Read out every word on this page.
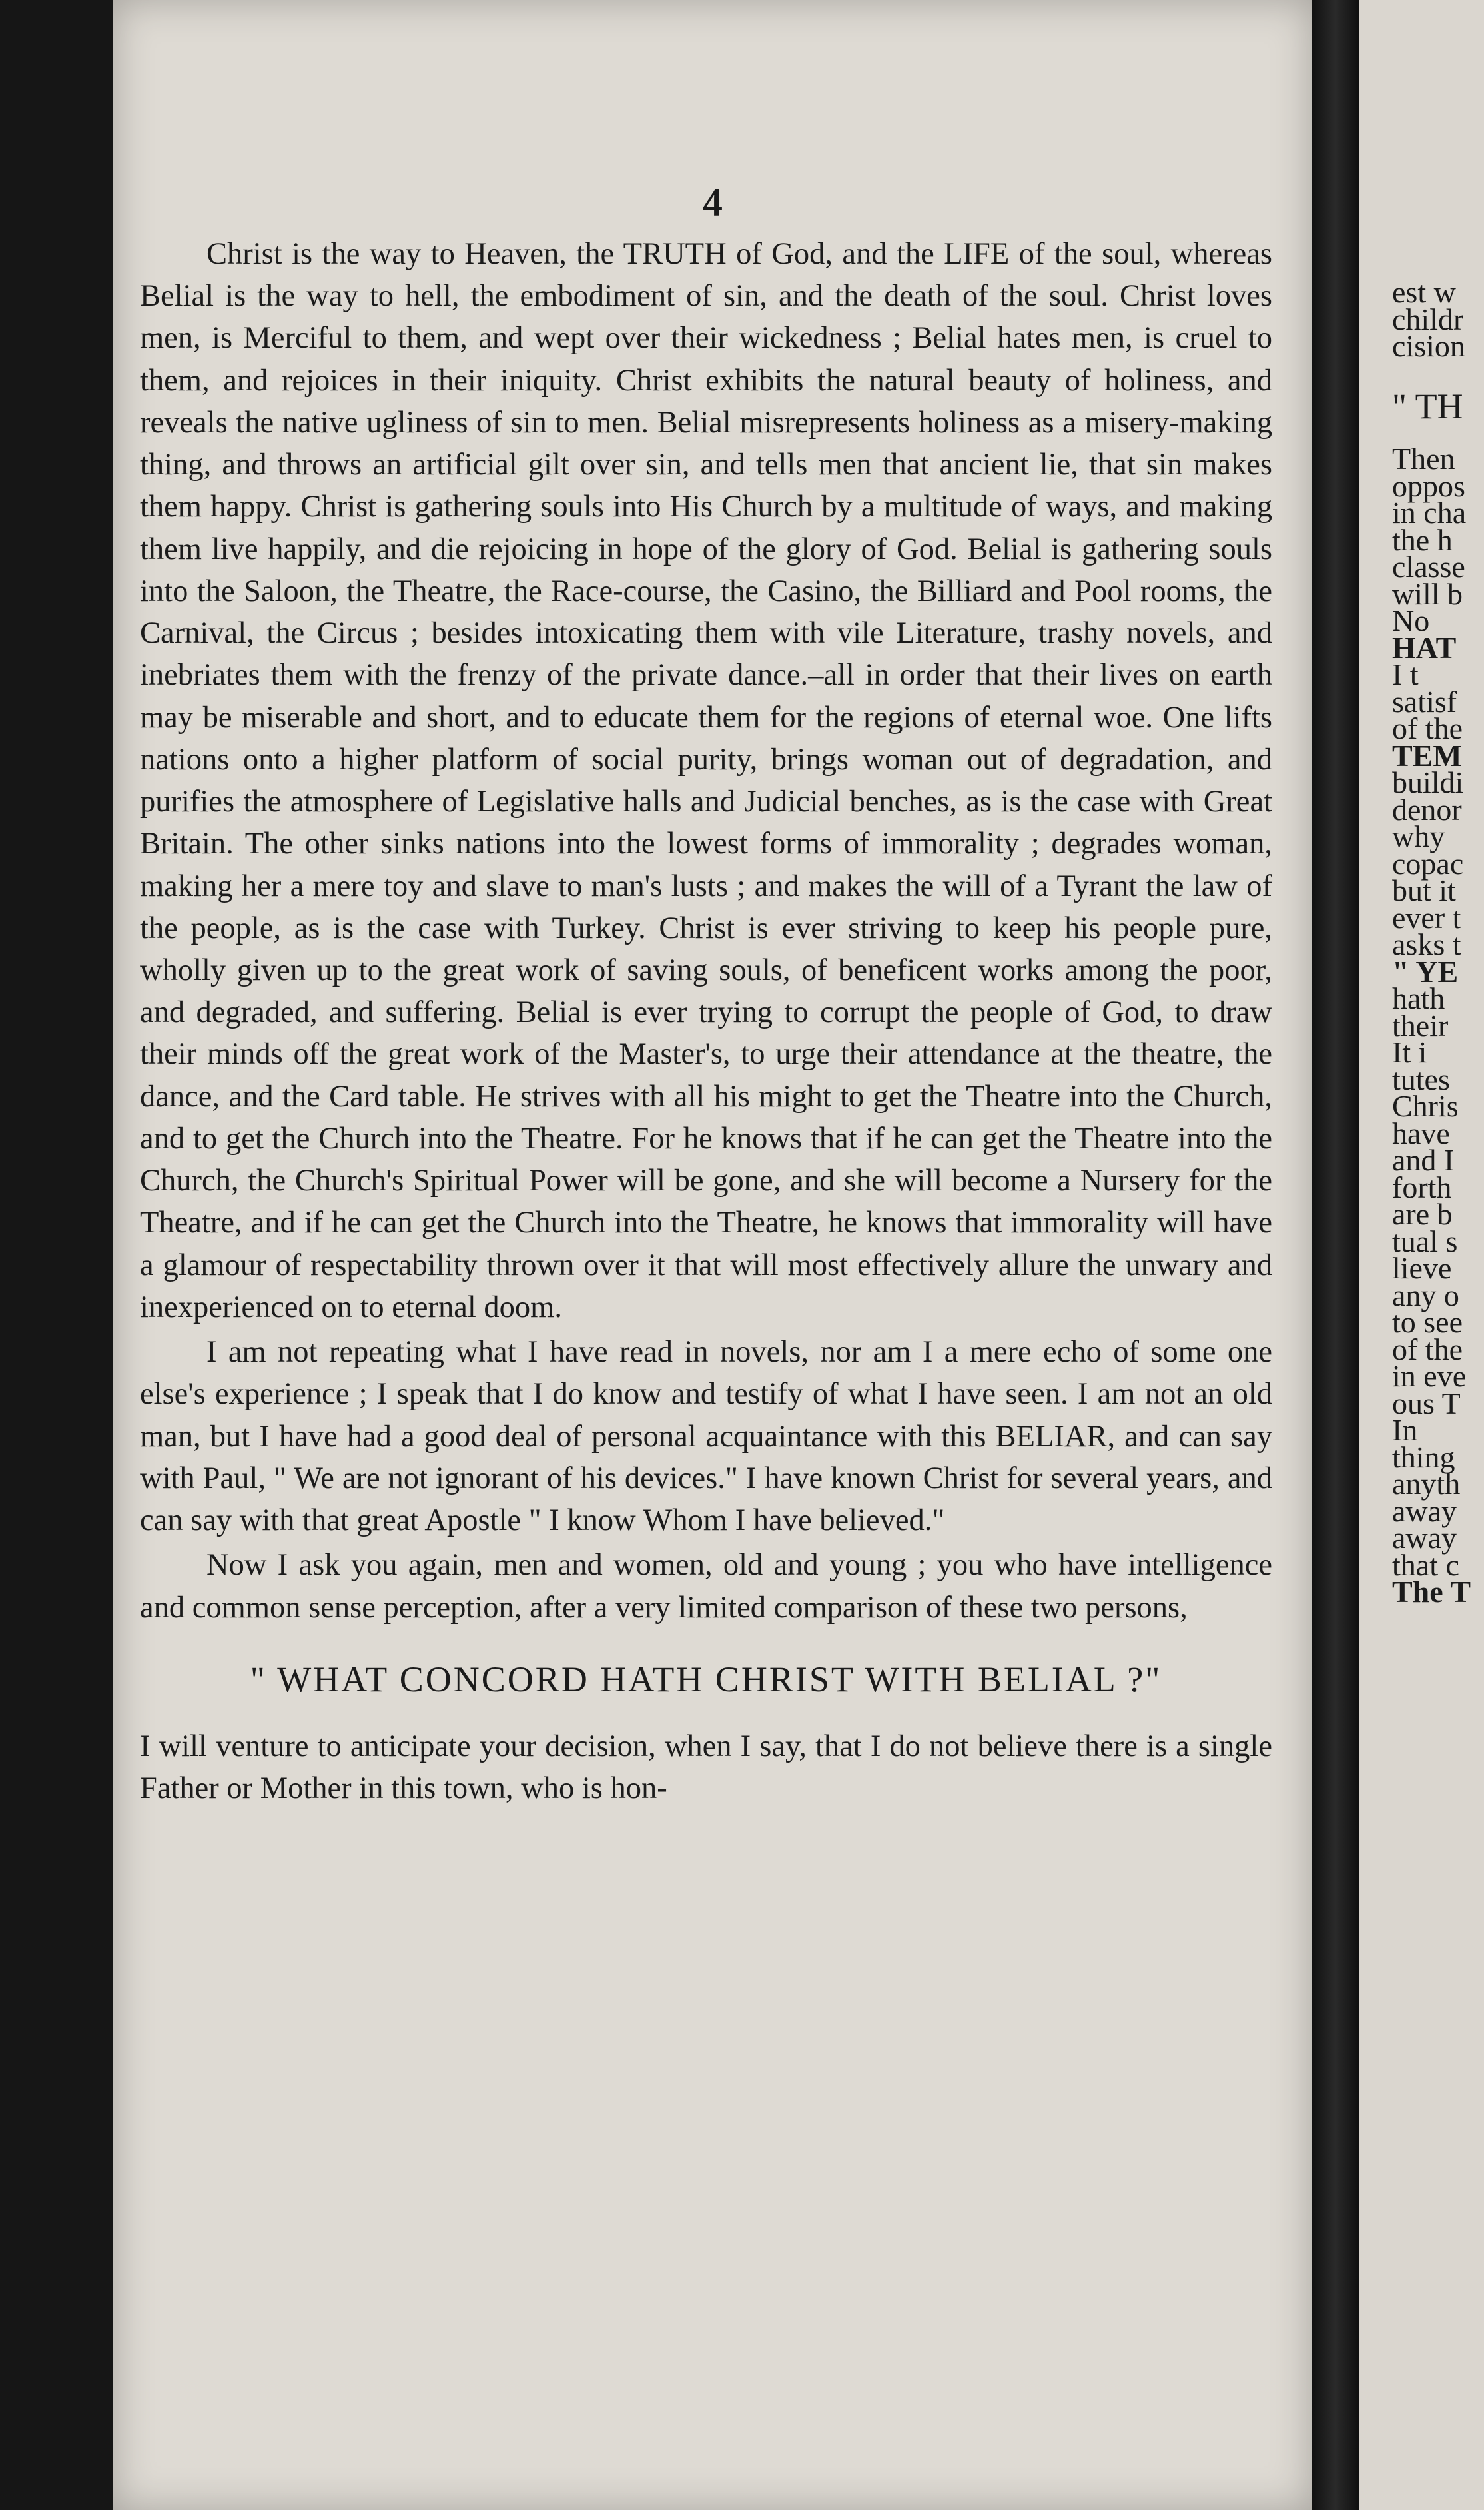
4

Christ is the way to Heaven, the TRUTH of God, and the LIFE of the soul, whereas Belial is the way to hell, the embodiment of sin, and the death of the soul. Christ loves men, is Merciful to them, and wept over their wickedness ; Belial hates men, is cruel to them, and rejoices in their iniquity. Christ exhibits the natural beauty of holiness, and reveals the native ugliness of sin to men. Belial misrepresents holiness as a misery-making thing, and throws an artificial gilt over sin, and tells men that ancient lie, that sin makes them happy. Christ is gathering souls into His Church by a multitude of ways, and making them live happily, and die rejoicing in hope of the glory of God. Belial is gathering souls into the Saloon, the Theatre, the Race-course, the Casino, the Billiard and Pool rooms, the Carnival, the Circus ; besides intoxicating them with vile Literature, trashy novels, and inebriates them with the frenzy of the private dance.–all in order that their lives on earth may be miserable and short, and to educate them for the regions of eternal woe. One lifts nations onto a higher platform of social purity, brings woman out of degradation, and purifies the atmosphere of Legislative halls and Judicial benches, as is the case with Great Britain. The other sinks nations into the lowest forms of immorality ; degrades woman, making her a mere toy and slave to man's lusts ; and makes the will of a Tyrant the law of the people, as is the case with Turkey. Christ is ever striving to keep his people pure, wholly given up to the great work of saving souls, of beneficent works among the poor, and degraded, and suffering. Belial is ever trying to corrupt the people of God, to draw their minds off the great work of the Master's, to urge their attendance at the theatre, the dance, and the Card table. He strives with all his might to get the Theatre into the Church, and to get the Church into the Theatre. For he knows that if he can get the Theatre into the Church, the Church's Spiritual Power will be gone, and she will become a Nursery for the Theatre, and if he can get the Church into the Theatre, he knows that immorality will have a glamour of respectability thrown over it that will most effectively allure the unwary and inexperienced on to eternal doom.

I am not repeating what I have read in novels, nor am I a mere echo of some one else's experience ; I speak that I do know and testify of what I have seen. I am not an old man, but I have had a good deal of personal acquaintance with this BELIAR, and can say with Paul, " We are not ignorant of his devices." I have known Christ for several years, and can say with that great Apostle " I know Whom I have believed."

Now I ask you again, men and women, old and young ; you who have intelligence and common sense perception, after a very limited comparison of these two persons,

" WHAT CONCORD HATH CHRIST WITH BELIAL ?"

I will venture to anticipate your decision, when I say, that I do not believe there is a single Father or Mother in this town, who is hon-

est w
childr
cision
" TH
Then
oppos
in cha
the h
classe
will b
No
HAT
I t
satisf
of the
TEM
buildi
denor
why
copac
but it
ever t
asks t
" YE
hath
their
It i
tutes
Chris
have
and I
forth
are b
tual s
lieve
any o
to see
of the
in eve
ous T
In
thing
anyth
away
away
that c
The T
